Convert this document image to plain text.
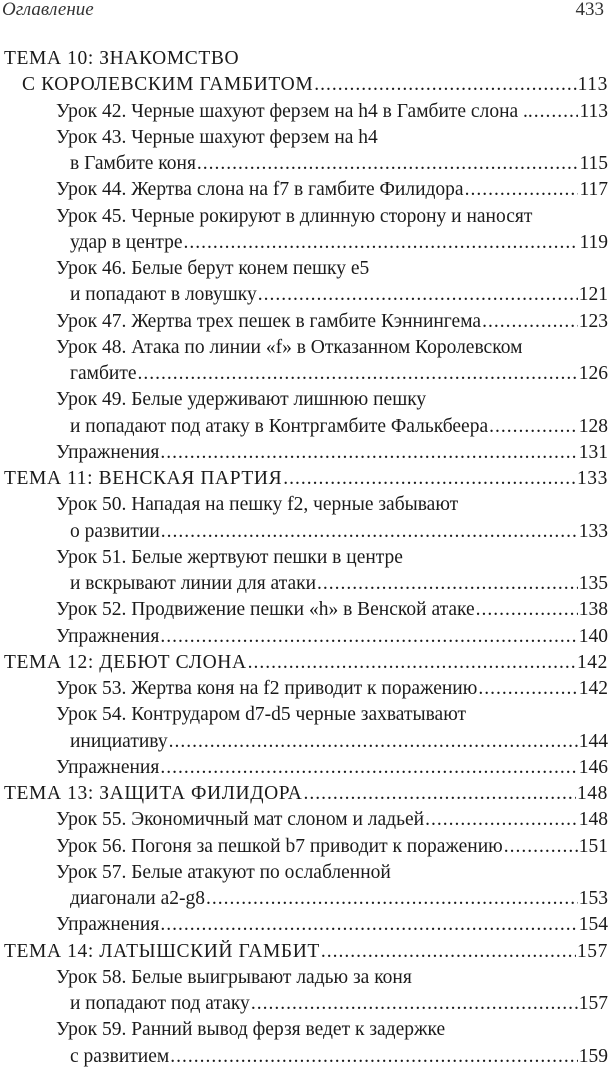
Оглавление	433
ТЕМА 10: ЗНАКОМСТВО
С КОРОЛЕВСКИМ ГАМБИТОМ .....	113
Урок 42. Черные шахуют ферзем на h4 в Гамбите слона .. ..... 113
Урок 43. Черные шахуют ферзем на h4
в Гамбите коня .....	115
Урок 44. Жертва слона на f7 в гамбите Филидора .....	117
Урок 45. Черные рокируют в длинную сторону и наносят
удар в центре .....	119
Урок 46. Белые берут конем пешку е5
и попадают в ловушку .....	121
Урок 47. Жертва трех пешек в гамбите Кэннингема .....	123
Урок 48. Атака по линии «f» в Отказанном Королевском
гамбите .....	126
Урок 49. Белые удерживают лишнюю пешку
и попадают под атаку в Контргамбите Фалькбеера .....	128
Упражнения .....	131
ТЕМА 11: ВЕНСКАЯ ПАРТИЯ .....	133
Урок 50. Нападая на пешку f2, черные забывают
о развитии .....	133
Урок 51. Белые жертвуют пешки в центре
и вскрывают линии для атаки .....	135
Урок 52. Продвижение пешки «h» в Венской атаке .....	138
Упражнения .....	140
ТЕМА 12: ДЕБЮТ СЛОНА .....	142
Урок 53. Жертва коня на f2 приводит к поражению .....	142
Урок 54. Контрударом d7-d5 черные захватывают
инициативу .....	144
Упражнения .....	146
ТЕМА 13: ЗАЩИТА ФИЛИДОРА .....	148
Урок 55. Экономичный мат слоном и ладьей .....	148
Урок 56. Погоня за пешкой b7 приводит к поражению .....	151
Урок 57. Белые атакуют по ослабленной
диагонали a2-g8 .....	153
Упражнения .....	154
ТЕМА 14: ЛАТЫШСКИЙ ГАМБИТ .....	157
Урок 58. Белые выигрывают ладью за коня
и попадают под атаку .....	157
Урок 59. Ранний вывод ферзя ведет к задержке
с развитием .....	159
